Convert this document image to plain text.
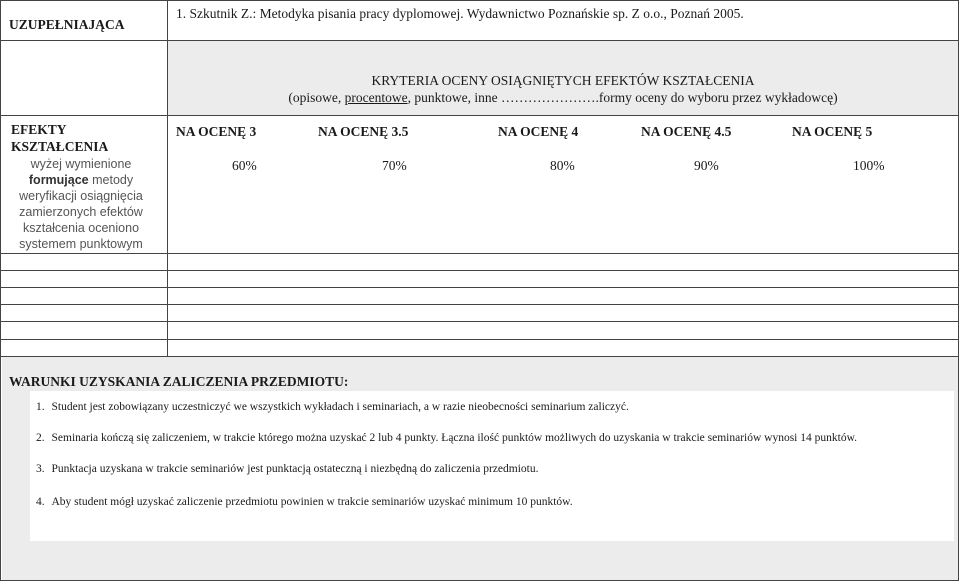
UZUPEŁNIAJĄCA
1. Szkutnik Z.: Metodyka pisania pracy dyplomowej. Wydawnictwo Poznańskie sp. Z o.o., Poznań 2005.
KRYTERIA OCENY OSIĄGNIĘTYCH EFEKTÓW KSZTAŁCENIA
(opisowe, procentowe, punktowe, inne ………………….formy oceny do wyboru przez wykładowcę)
EFEKTY
KSZTAŁCENIA
wyżej wymienione
formujące metody
weryfikacji osiągnięcia
zamierzonych efektów
kształcenia oceniono
systemem punktowym
NA OCENĘ 3	NA OCENĘ 3.5	NA OCENĘ 4	NA OCENĘ 4.5	NA OCENĘ 5
60%	70%	80%	90%	100%
WARUNKI UZYSKANIA ZALICZENIA PRZEDMIOTU:
1. Student jest zobowiązany uczestniczyć we wszystkich wykładach i seminariach, a w razie nieobecności seminarium zaliczyć.
2. Seminaria kończą się zaliczeniem, w trakcie którego można uzyskać 2 lub 4 punkty. Łączna ilość punktów możliwych do uzyskania w trakcie seminariów wynosi 14 punktów.
3. Punktacja uzyskana w trakcie seminariów jest punktacją ostateczną i niezbędną do zaliczenia przedmiotu.
4. Aby student mógł uzyskać zaliczenie przedmiotu powinien w trakcie seminariów uzyskać minimum 10 punktów.
